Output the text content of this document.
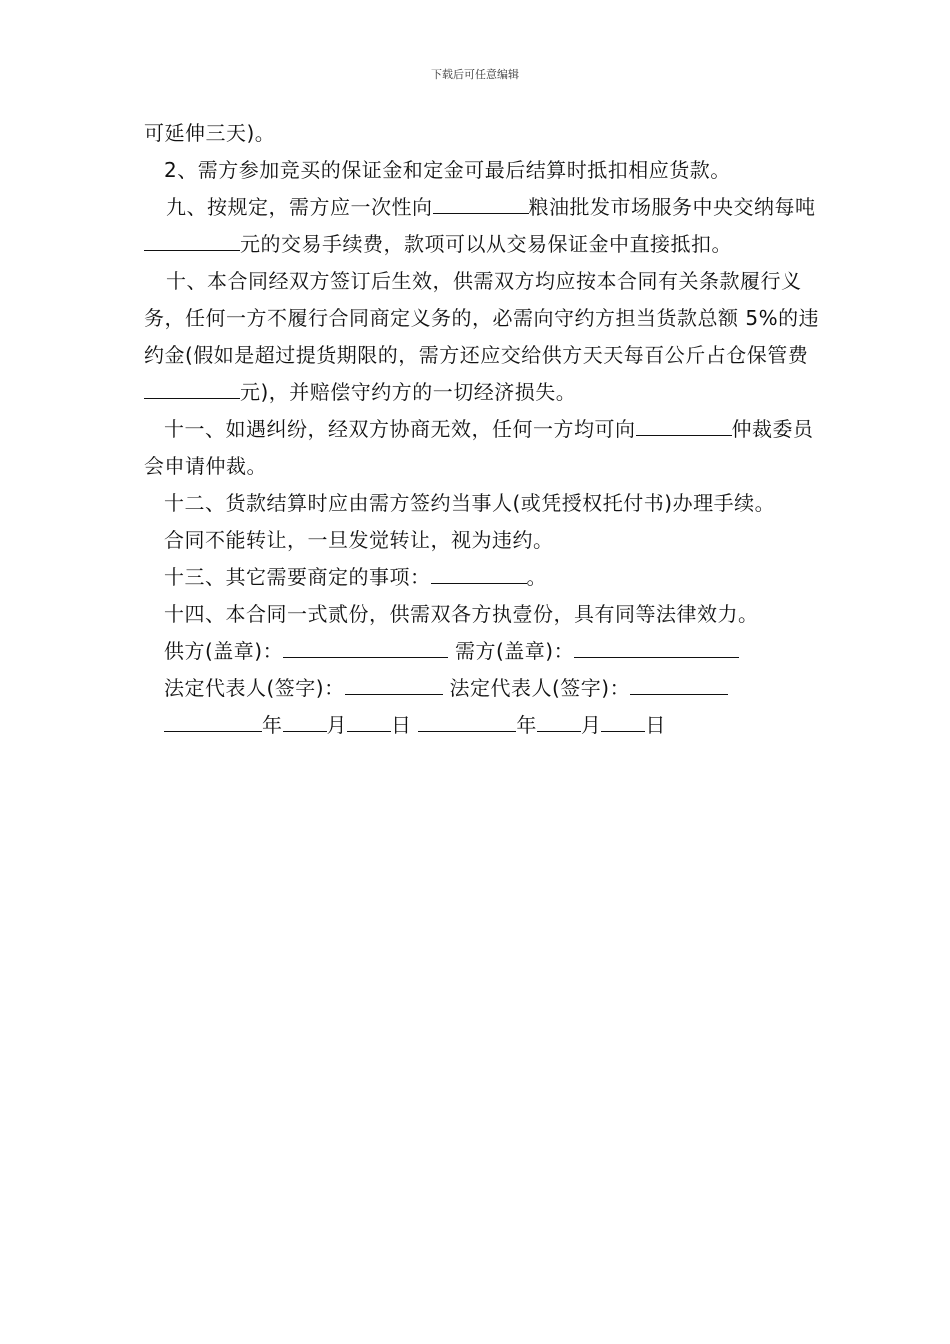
下载后可任意编辑

可延伸三天)。

2、需方参加竞买的保证金和定金可最后结算时抵扣相应货款。

九、按规定，需方应一次性向	粮油批发市场服务中央交纳每吨元的交易手续费，款项可以从交易保证金中直接抵扣。

十、本合同经双方签订后生效，供需双方均应按本合同有关条款履行义务，任何一方不履行合同商定义务的，必需向守约方担当货款总额 5%的违约金(假如是超过提货期限的，需方还应交给供方天天每百公斤占仓保管费元)，并赔偿守约方的一切经济损失。

十一、如遇纠纷，经双方协商无效，任何一方均可向	仲裁委员会申请仲裁。

十二、货款结算时应由需方签约当事人(或凭授权托付书)办理手续。

合同不能转让，一旦发觉转让，视为违约。

十三、其它需要商定的事项：	。

十四、本合同一式贰份，供需双各方执壹份，具有同等法律效力。

供方(盖章)：	需方(盖章)：

法定代表人(签字)：	法定代表人(签字)：

年 月 日	年 月 日
